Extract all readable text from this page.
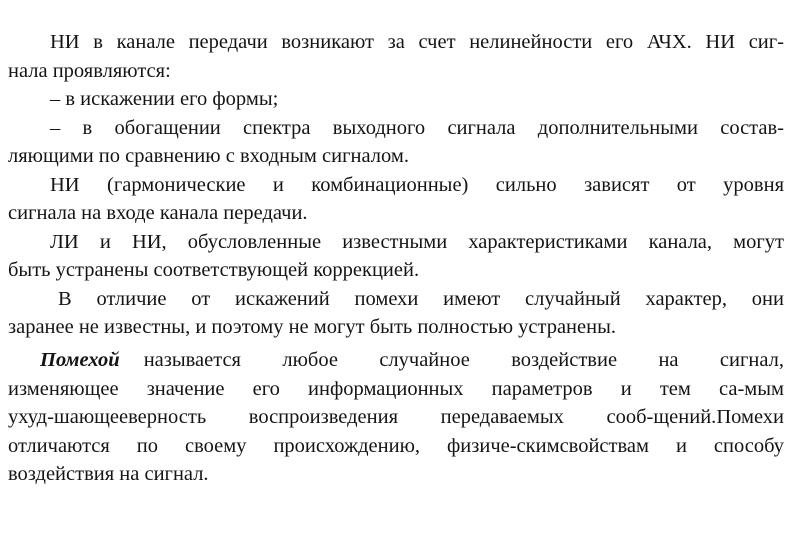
НИ в канале передачи возникают за счет нелинейности его АЧХ. НИ сиг-

нала проявляются:

– в искажении его формы;

– в обогащении спектра выходного сигнала дополнительными состав-

ляющими по сравнению с входным сигналом.

НИ (гармонические и комбинационные) сильно зависят от уровня

сигнала на входе канала передачи.

ЛИ и НИ, обусловленные известными характеристиками канала, могут

быть устранены соответствующей коррекцией.

В отличие от искажений помехи имеют случайный характер, они

заранее не известны, и поэтому не могут быть полностью устранены.

Помехой называется любое случайное воздействие на сигнал,

изменяющее значение его информационных параметров и тем са-мым

ухуд-шающееверность воспроизведения передаваемых сооб-щений.Помехи

отличаются по своему происхождению, физиче-скимсвойствам и способу

воздействия на сигнал.
